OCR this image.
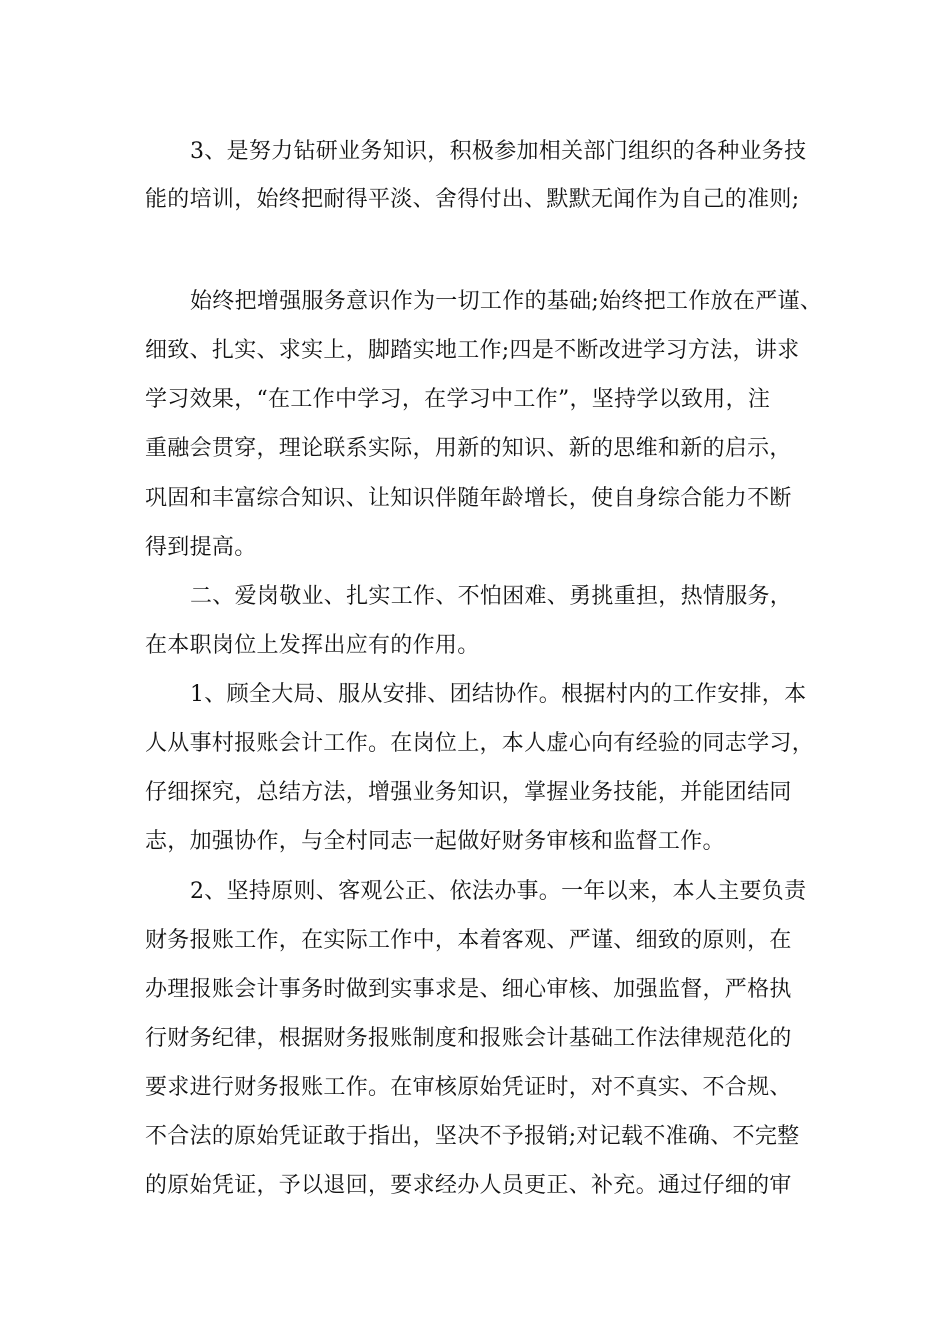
3、是努力钻研业务知识，积极参加相关部门组织的各种业务技
能的培训，始终把耐得平淡、舍得付出、默默无闻作为自己的准则;
始终把增强服务意识作为一切工作的基础;始终把工作放在严谨、
细致、扎实、求实上，脚踏实地工作;四是不断改进学习方法，讲求
学习效果，“在工作中学习，在学习中工作”，坚持学以致用，注
重融会贯穿，理论联系实际，用新的知识、新的思维和新的启示，
巩固和丰富综合知识、让知识伴随年龄增长，使自身综合能力不断
得到提高。
二、爱岗敬业、扎实工作、不怕困难、勇挑重担，热情服务，
在本职岗位上发挥出应有的作用。
1、顾全大局、服从安排、团结协作。根据村内的工作安排，本
人从事村报账会计工作。在岗位上，本人虚心向有经验的同志学习，
仔细探究，总结方法，增强业务知识，掌握业务技能，并能团结同
志，加强协作，与全村同志一起做好财务审核和监督工作。
2、坚持原则、客观公正、依法办事。一年以来，本人主要负责
财务报账工作，在实际工作中，本着客观、严谨、细致的原则，在
办理报账会计事务时做到实事求是、细心审核、加强监督，严格执
行财务纪律，根据财务报账制度和报账会计基础工作法律规范化的
要求进行财务报账工作。在审核原始凭证时，对不真实、不合规、
不合法的原始凭证敢于指出，坚决不予报销;对记载不准确、不完整
的原始凭证，予以退回，要求经办人员更正、补充。通过仔细的审
